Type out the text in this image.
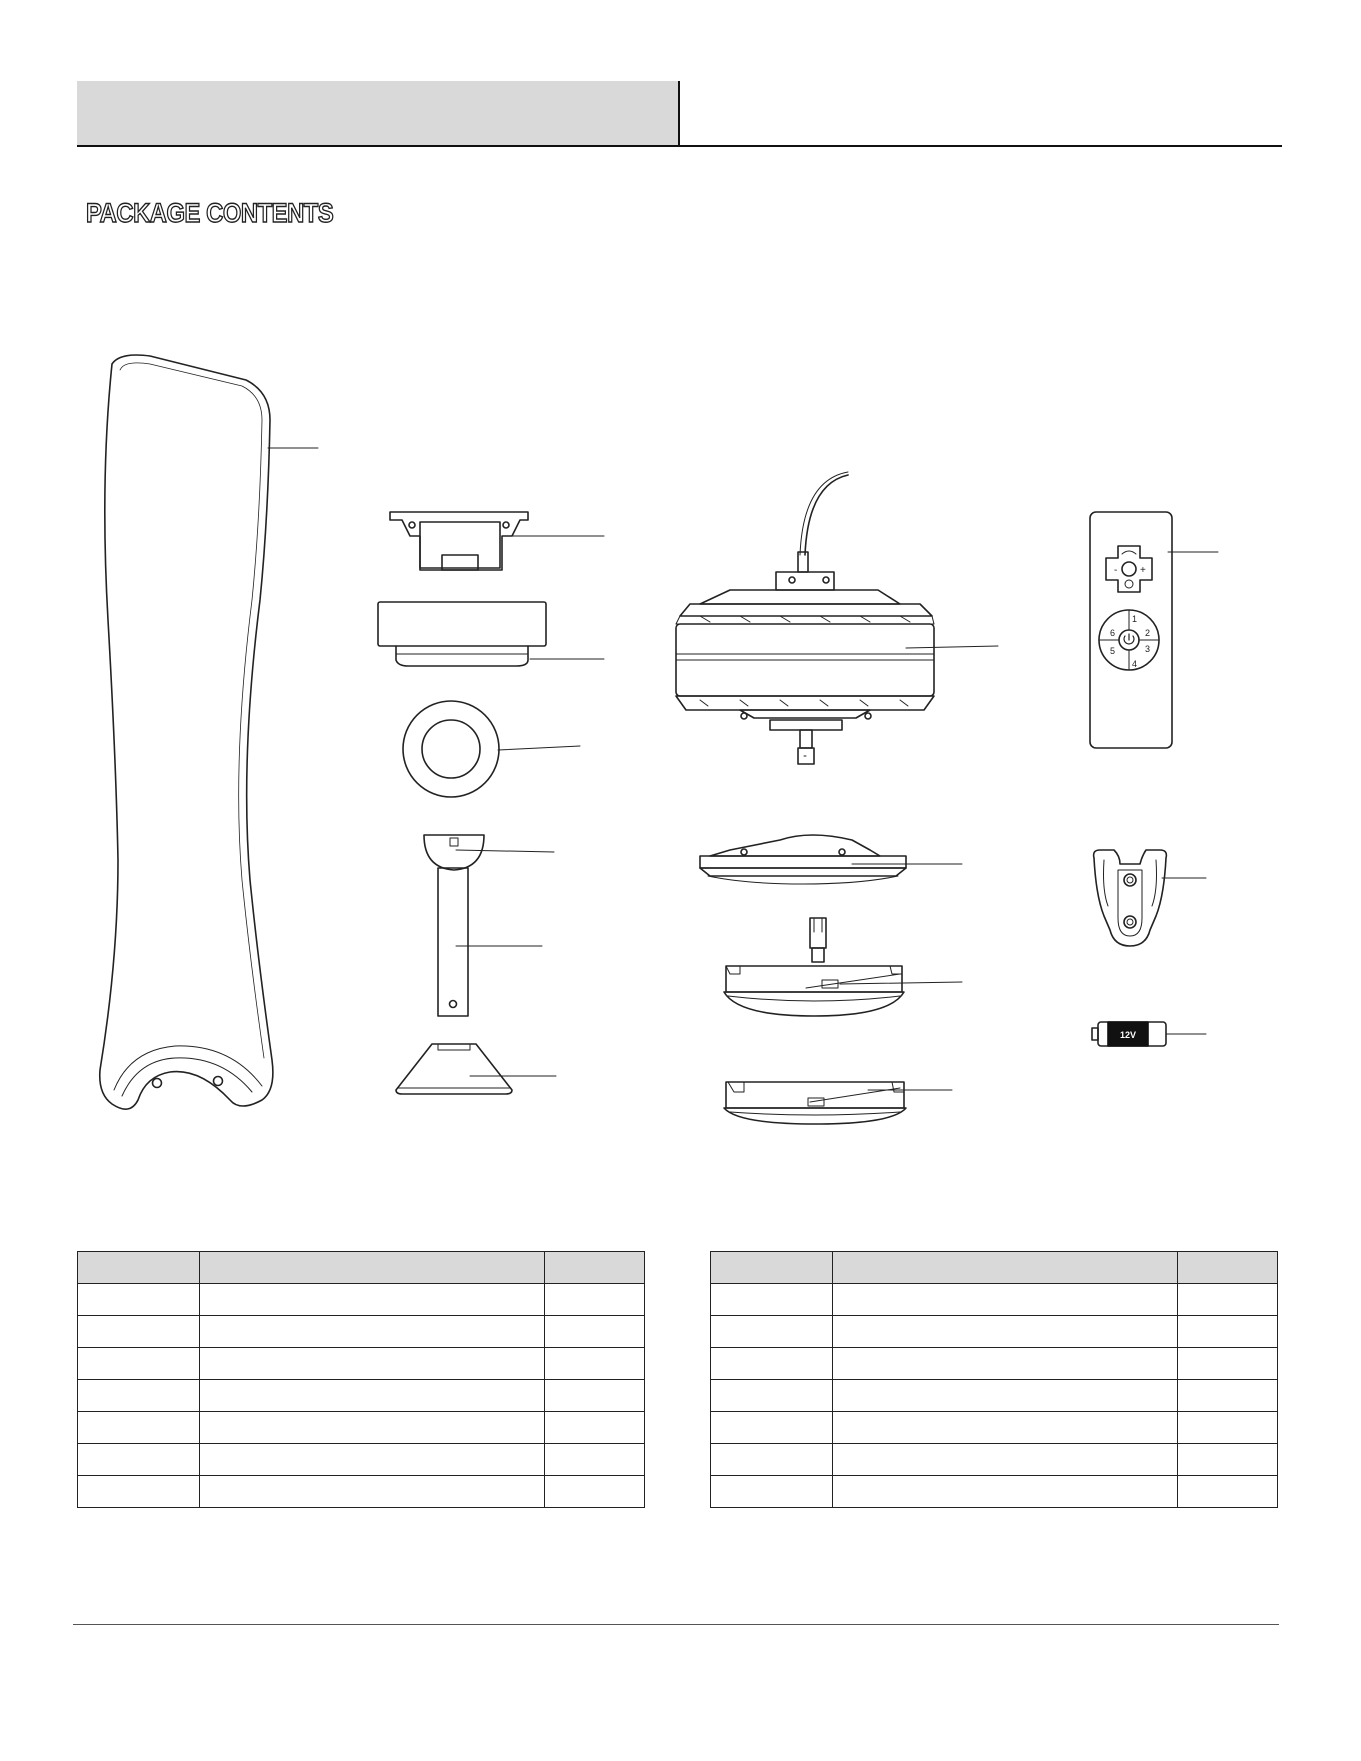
PACKAGE CONTENTS
- +
1
2
3
4
5
6
12V
